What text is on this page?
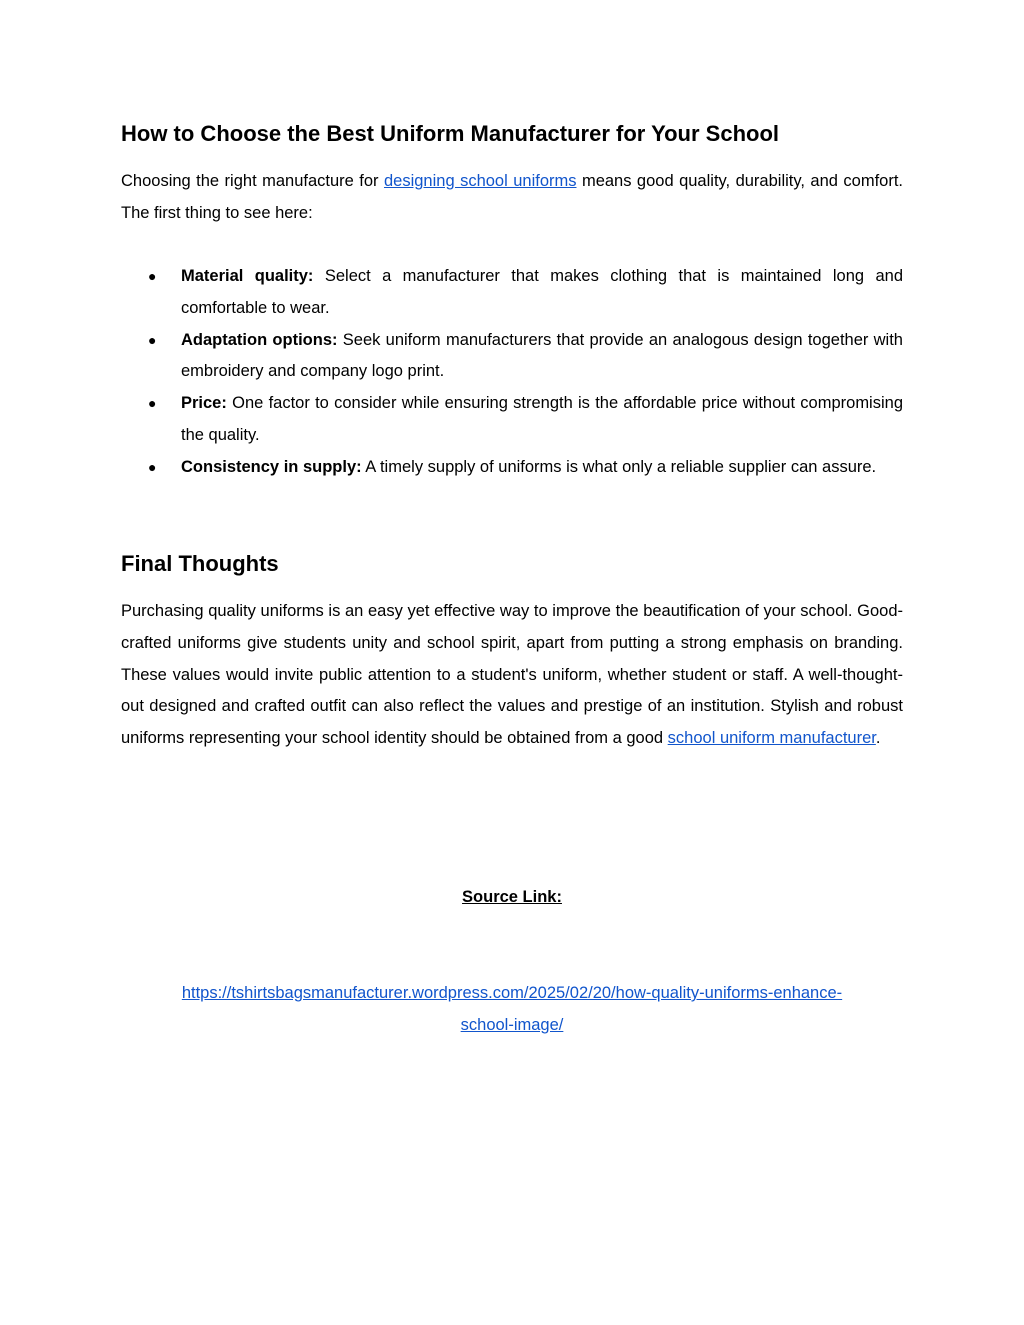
How to Choose the Best Uniform Manufacturer for Your School

Choosing the right manufacture for designing school uniforms means good quality, durability, and comfort. The first thing to see here:

● Material quality: Select a manufacturer that makes clothing that is maintained long and comfortable to wear.
● Adaptation options: Seek uniform manufacturers that provide an analogous design together with embroidery and company logo print.
● Price: One factor to consider while ensuring strength is the affordable price without compromising the quality.
● Consistency in supply: A timely supply of uniforms is what only a reliable supplier can assure.
Final Thoughts

Purchasing quality uniforms is an easy yet effective way to improve the beautification of your school. Good-crafted uniforms give students unity and school spirit, apart from putting a strong emphasis on branding. These values would invite public attention to a student's uniform, whether student or staff. A well-thought-out designed and crafted outfit can also reflect the values and prestige of an institution. Stylish and robust uniforms representing your school identity should be obtained from a good school uniform manufacturer.

Source Link:
https://tshirtsbagsmanufacturer.wordpress.com/2025/02/20/how-quality-uniforms-enhance-
school-image/
